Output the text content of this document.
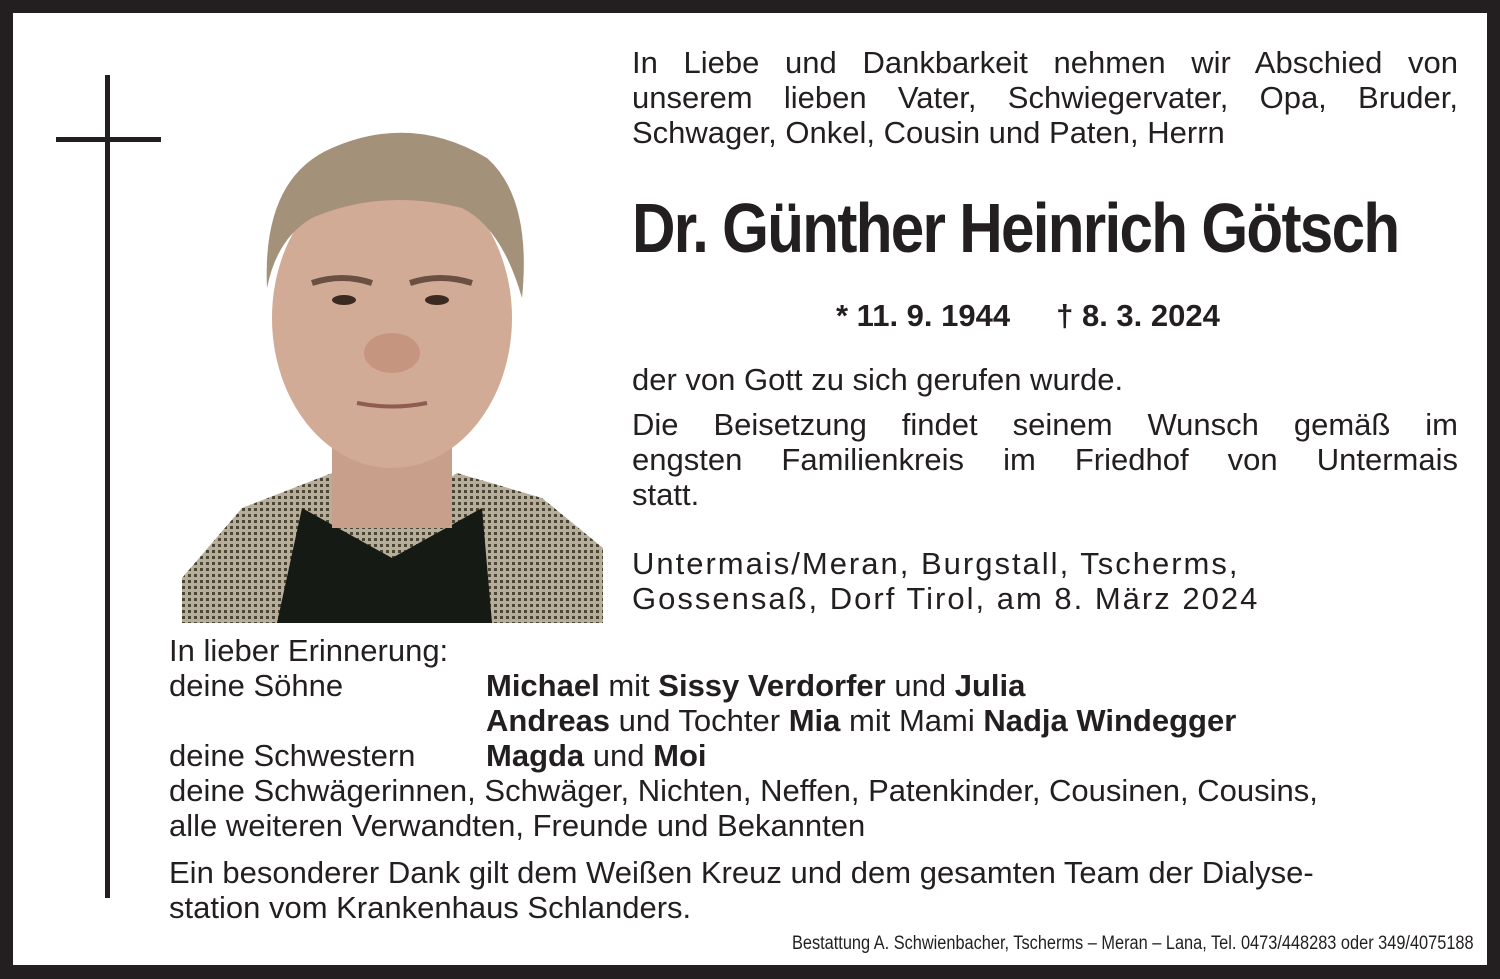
In Liebe und Dankbarkeit nehmen wir Abschied von
unserem lieben Vater, Schwiegervater, Opa, Bruder,
Schwager, Onkel, Cousin und Paten, Herrn
Dr. Günther Heinrich Götsch
* 11. 9. 1944 † 8. 3. 2024
der von Gott zu sich gerufen wurde.
Die Beisetzung findet seinem Wunsch gemäß im
engsten Familienkreis im Friedhof von Untermais
statt.
Untermais/Meran, Burgstall, Tscherms,
Gossensaß, Dorf Tirol, am 8. März 2024
In lieber Erinnerung:
deine Söhne	Michael mit Sissy Verdorfer und Julia
Andreas und Tochter Mia mit Mami Nadja Windegger
deine Schwestern Magda und Moi
deine Schwägerinnen, Schwäger, Nichten, Neffen, Patenkinder, Cousinen, Cousins,
alle weiteren Verwandten, Freunde und Bekannten
Ein besonderer Dank gilt dem Weißen Kreuz und dem gesamten Team der Dialyse-
station vom Krankenhaus Schlanders.
Bestattung A. Schwienbacher, Tscherms – Meran – Lana, Tel. 0473/448283 oder 349/4075188
